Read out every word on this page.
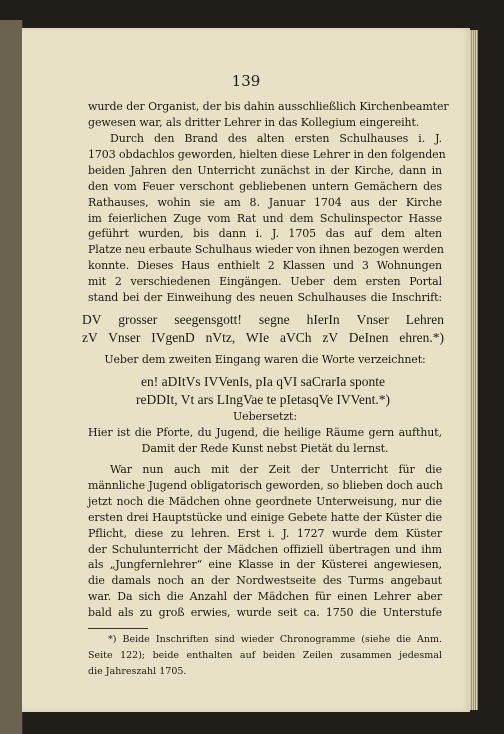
139
wurde der Organist, der bis dahin ausschließlich Kirchenbeamter
gewesen war, als dritter Lehrer in das Kollegium eingereiht.
Durch den Brand des alten ersten Schulhauses i. J.
1703 obdachlos geworden, hielten diese Lehrer in den folgenden
beiden Jahren den Unterricht zunächst in der Kirche, dann in
den vom Feuer verschont gebliebenen untern Gemächern des
Rathauses, wohin sie am 8. Januar 1704 aus der Kirche
im feierlichen Zuge vom Rat und dem Schulinspector Hasse
geführt wurden, bis dann i. J. 1705 das auf dem alten
Platze neu erbaute Schulhaus wieder von ihnen bezogen werden
konnte. Dieses Haus enthielt 2 Klassen und 3 Wohnungen
mit 2 verschiedenen Eingängen. Ueber dem ersten Portal
stand bei der Einweihung des neuen Schulhauses die Inschrift:
DV grosser seegensgott! segne hIerIn Vnser Lehren
zV Vnser IVgenD nVtz, WIe aVCh zV DeInen ehren.*)
Ueber dem zweiten Eingang waren die Worte verzeichnet:
en! aDItVs IVVenIs, pIa qVI saCrarIa sponte
reDDIt, Vt ars LIngVae te pIetasqVe IVVent.*)
Uebersetzt:
Hier ist die Pforte, du Jugend, die heilige Räume gern aufthut,
Damit der Rede Kunst nebst Pietät du lernst.
War nun auch mit der Zeit der Unterricht für die
männliche Jugend obligatorisch geworden, so blieben doch auch
jetzt noch die Mädchen ohne geordnete Unterweisung, nur die
ersten drei Hauptstücke und einige Gebete hatte der Küster die
Pflicht, diese zu lehren. Erst i. J. 1727 wurde dem Küster
der Schulunterricht der Mädchen offiziell übertragen und ihm
als „Jungfernlehrer“ eine Klasse in der Küsterei angewiesen,
die damals noch an der Nordwestseite des Turms angebaut
war. Da sich die Anzahl der Mädchen für einen Lehrer aber
bald als zu groß erwies, wurde seit ca. 1750 die Unterstufe
*) Beide Inschriften sind wieder Chronogramme (siehe die Anm.
Seite 122); beide enthalten auf beiden Zeilen zusammen jedesmal
die Jahreszahl 1705.
